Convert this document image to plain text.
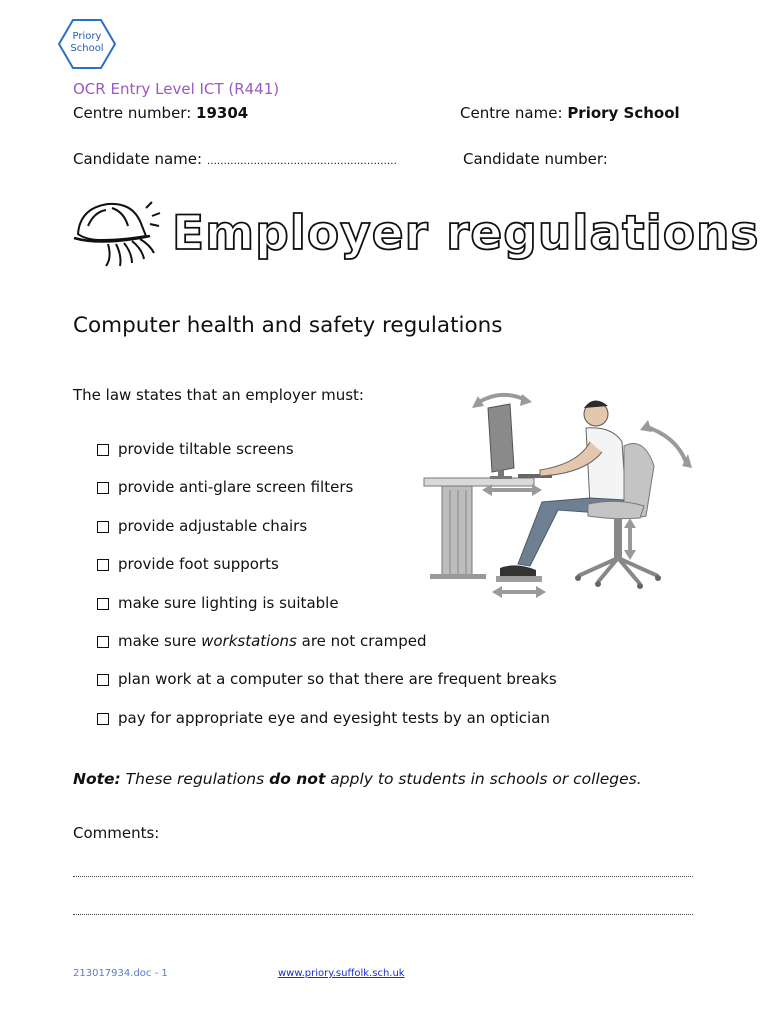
Priory
School
OCR Entry Level ICT (R441)
Centre number: 19304	Centre name: Priory School
Candidate name: …………………………………………………	Candidate number:
Employer regulations
Computer health and safety regulations
The law states that an employer must:
provide tiltable screens
provide anti-glare screen filters
provide adjustable chairs
provide foot supports
make sure lighting is suitable
make sure workstations are not cramped
plan work at a computer so that there are frequent breaks
pay for appropriate eye and eyesight tests by an optician
Note: These regulations do not apply to students in schools or colleges.
Comments:
213017934.doc - 1	www.priory.suffolk.sch.uk
